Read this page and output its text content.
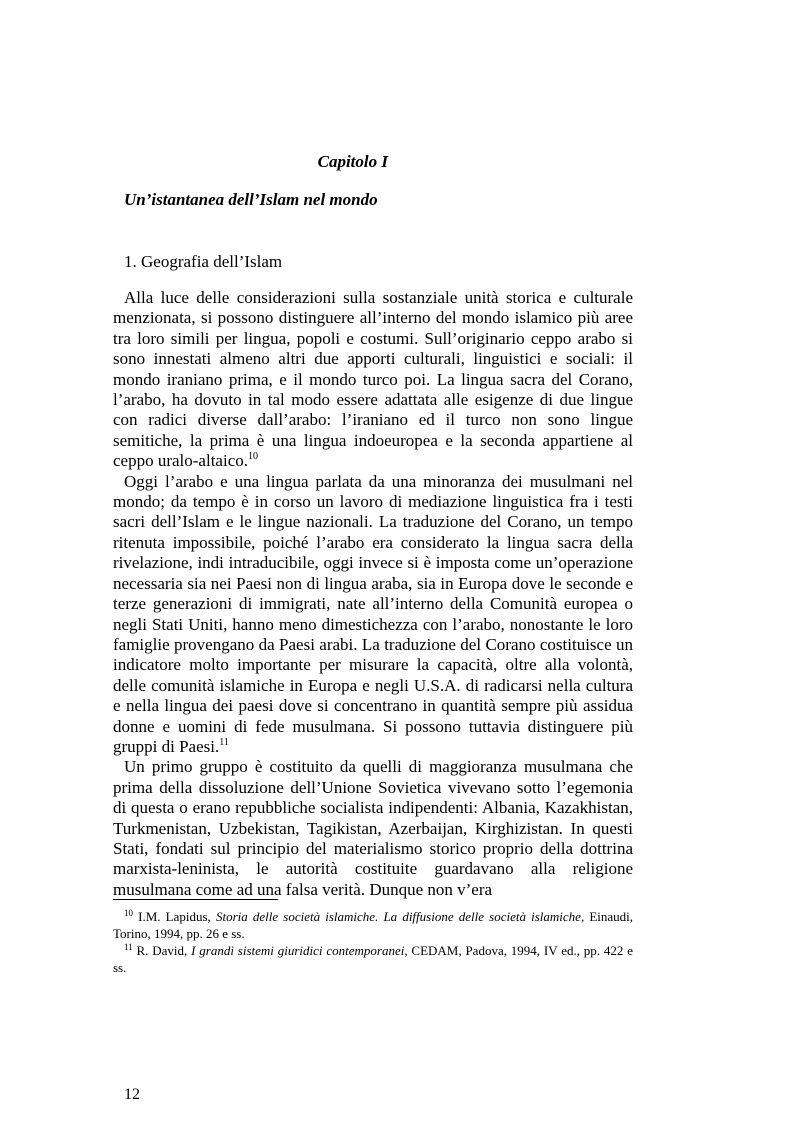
Capitolo I
Un’istantanea dell’Islam nel mondo
1. Geografia dell’Islam

Alla luce delle considerazioni sulla sostanziale unità storica e culturale menzionata, si possono distinguere all’interno del mondo islamico più aree tra loro simili per lingua, popoli e costumi. Sull’originario ceppo arabo si sono innestati almeno altri due apporti culturali, linguistici e sociali: il mondo iraniano prima, e il mondo turco poi. La lingua sacra del Corano, l’arabo, ha dovuto in tal modo essere adattata alle esigenze di due lingue con radici diverse dall’arabo: l’iraniano ed il turco non sono lingue semitiche, la prima è una lingua indoeuropea e la seconda appartiene al ceppo uralo-altaico.$^{10}$

Oggi l’arabo e una lingua parlata da una minoranza dei musulmani nel mondo; da tempo è in corso un lavoro di mediazione linguistica fra i testi sacri dell’Islam e le lingue nazionali. La traduzione del Corano, un tempo ritenuta impossibile, poiché l’arabo era considerato la lingua sacra della rivelazione, indi intraducibile, oggi invece si è imposta come un’operazione necessaria sia nei Paesi non di lingua araba, sia in Europa dove le seconde e terze generazioni di immigrati, nate all’interno della Comunità europea o negli Stati Uniti, hanno meno dimestichezza con l’arabo, nonostante le loro famiglie provengano da Paesi arabi. La traduzione del Corano costituisce un indicatore molto importante per misurare la capacità, oltre alla volontà, delle comunità islamiche in Europa e negli U.S.A. di radicarsi nella cultura e nella lingua dei paesi dove si concentrano in quantità sempre più assidua donne e uomini di fede musulmana. Si possono tuttavia distinguere più gruppi di Paesi.$^{11}$

Un primo gruppo è costituito da quelli di maggioranza musulmana che prima della dissoluzione dell’Unione Sovietica vivevano sotto l’egemonia di questa o erano repubbliche socialista indipendenti: Albania, Kazakhistan, Turkmenistan, Uzbekistan, Tagikistan, Azerbaijan, Kirghizistan. In questi Stati, fondati sul principio del materialismo storico proprio della dottrina marxista-leninista, le autorità costituite guardavano alla religione musulmana come ad una falsa verità. Dunque non v’era

$^{10}$ I.M. Lapidus, Storia delle società islamiche. La diffusione delle società islamiche, Einaudi, Torino, 1994, pp. 26 e ss.

$^{11}$ R. David, I grandi sistemi giuridici contemporanei, CEDAM, Padova, 1994, IV ed., pp. 422 e ss.

12
